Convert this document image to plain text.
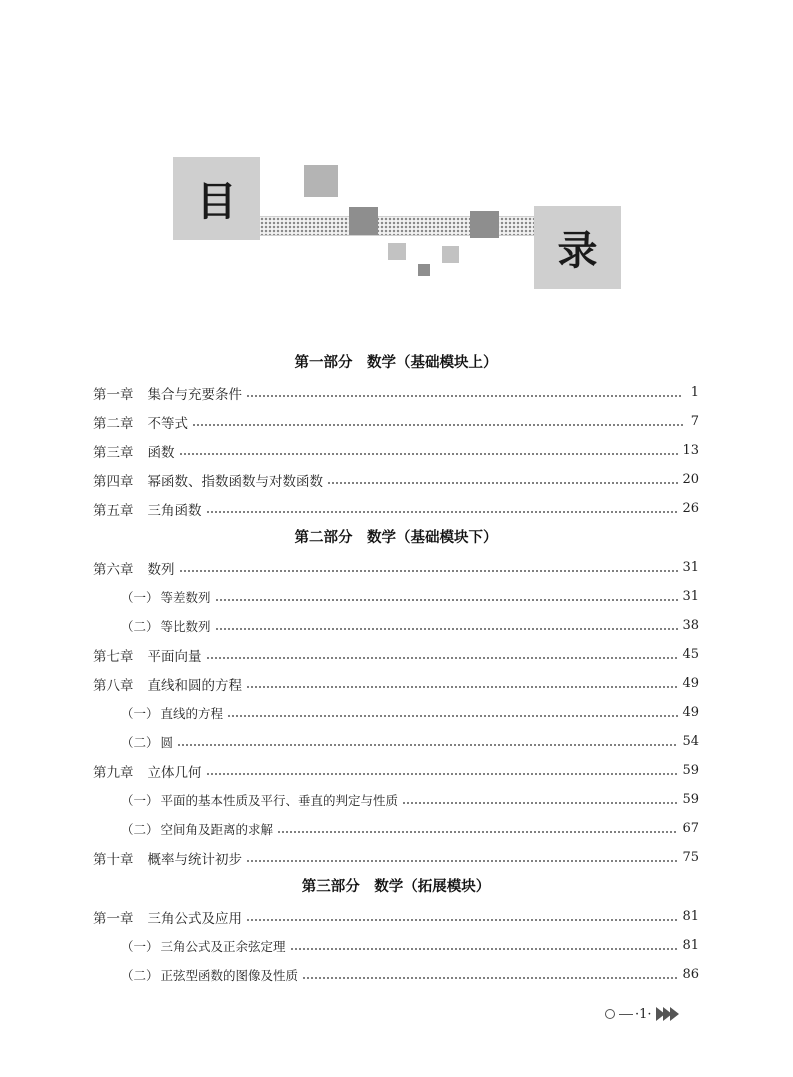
目
录
第一部分　数学（基础模块上）
第一章 集合与充要条件	1
第二章 不等式	7
第三章 函数	13
第四章 幂函数、指数函数与对数函数	20
第五章 三角函数	26
第二部分　数学（基础模块下）
第六章 数列	31
（一） 等差数列	31
（二） 等比数列	38
第七章 平面向量	45
第八章 直线和圆的方程	49
（一） 直线的方程	49
（二） 圆	54
第九章 立体几何	59
（一） 平面的基本性质及平行、垂直的判定与性质	59
（二） 空间角及距离的求解	67
第十章 概率与统计初步	75
第三部分　数学（拓展模块）
第一章 三角公式及应用	81
（一） 三角公式及正余弦定理	81
（二） 正弦型函数的图像及性质	86
·1·
